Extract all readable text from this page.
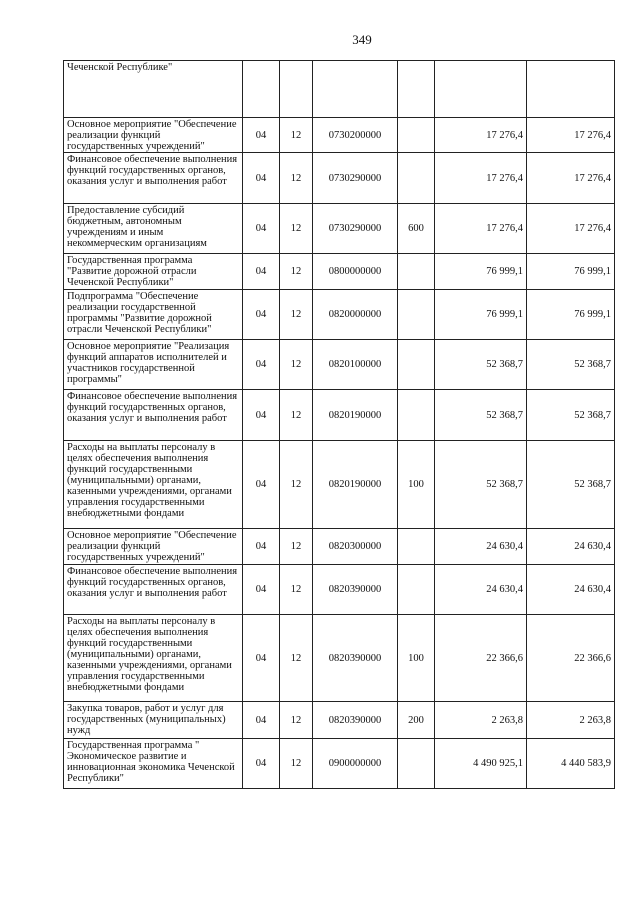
349
Чеченской Республике"						
Основное мероприятие "Обеспечение реализации функций государственных учреждений"	04	12	0730200000		17 276,4	17 276,4
Финансовое обеспечение выполнения функций государственных органов, оказания услуг и выполнения работ	04	12	0730290000		17 276,4	17 276,4
Предоставление субсидий бюджетным, автономным учреждениям и иным некоммерческим организациям	04	12	0730290000	600	17 276,4	17 276,4
Государственная программа "Развитие дорожной отрасли Чеченской Республики"	04	12	0800000000		76 999,1	76 999,1
Подпрограмма "Обеспечение реализации государственной программы "Развитие дорожной отрасли Чеченской Республики"	04	12	0820000000		76 999,1	76 999,1
Основное мероприятие "Реализация функций аппаратов исполнителей и участников государственной программы"	04	12	0820100000		52 368,7	52 368,7
Финансовое обеспечение выполнения функций государственных органов, оказания услуг и выполнения работ	04	12	0820190000		52 368,7	52 368,7
Расходы на выплаты персоналу в целях обеспечения выполнения функций государственными (муниципальными) органами, казенными учреждениями, органами управления государственными внебюджетными фондами	04	12	0820190000	100	52 368,7	52 368,7
Основное мероприятие "Обеспечение реализации функций государственных учреждений"	04	12	0820300000		24 630,4	24 630,4
Финансовое обеспечение выполнения функций государственных органов, оказания услуг и выполнения работ	04	12	0820390000		24 630,4	24 630,4
Расходы на выплаты персоналу в целях обеспечения выполнения функций государственными (муниципальными) органами, казенными учреждениями, органами управления государственными внебюджетными фондами	04	12	0820390000	100	22 366,6	22 366,6
Закупка товаров, работ и услуг для государственных (муниципальных) нужд	04	12	0820390000	200	2 263,8	2 263,8
Государственная программа " Экономическое развитие и инновационная экономика Чеченской Республики"	04	12	0900000000		4 490 925,1	4 440 583,9
